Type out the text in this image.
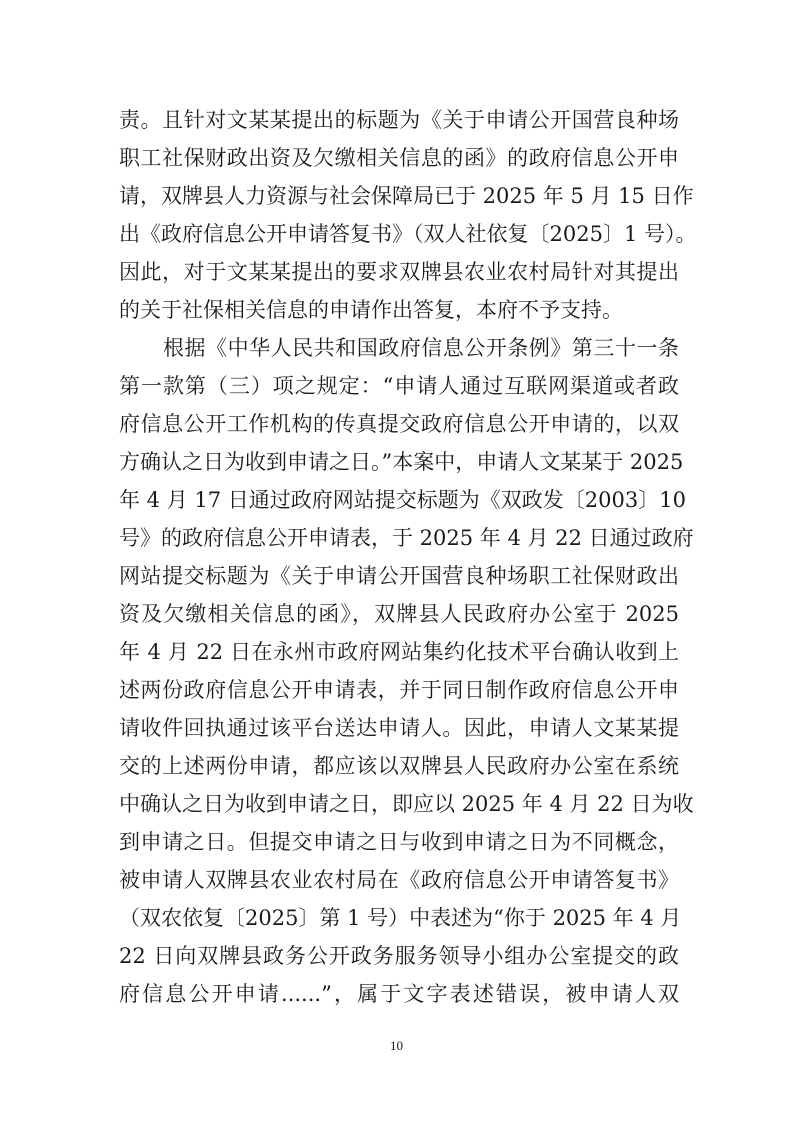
责。且针对文某某提出的标题为《关于申请公开国营良种场
职工社保财政出资及欠缴相关信息的函》的政府信息公开申
请，双牌县人力资源与社会保障局已于 2025 年 5 月 15 日作
出《政府信息公开申请答复书》（双人社依复〔2025〕1 号）。
因此，对于文某某提出的要求双牌县农业农村局针对其提出
的关于社保相关信息的申请作出答复，本府不予支持。
根据《中华人民共和国政府信息公开条例》第三十一条
第一款第（三）项之规定：“申请人通过互联网渠道或者政
府信息公开工作机构的传真提交政府信息公开申请的，以双
方确认之日为收到申请之日。”本案中，申请人文某某于 2025
年 4 月 17 日通过政府网站提交标题为《双政发〔2003〕10
号》的政府信息公开申请表，于 2025 年 4 月 22 日通过政府
网站提交标题为《关于申请公开国营良种场职工社保财政出
资及欠缴相关信息的函》，双牌县人民政府办公室于 2025
年 4 月 22 日在永州市政府网站集约化技术平台确认收到上
述两份政府信息公开申请表，并于同日制作政府信息公开申
请收件回执通过该平台送达申请人。因此，申请人文某某提
交的上述两份申请，都应该以双牌县人民政府办公室在系统
中确认之日为收到申请之日，即应以 2025 年 4 月 22 日为收
到申请之日。但提交申请之日与收到申请之日为不同概念，
被申请人双牌县农业农村局在《政府信息公开申请答复书》
（双农依复〔2025〕第 1 号）中表述为“你于 2025 年 4 月
22 日向双牌县政务公开政务服务领导小组办公室提交的政
府信息公开申请......”，属于文字表述错误，被申请人双
10
